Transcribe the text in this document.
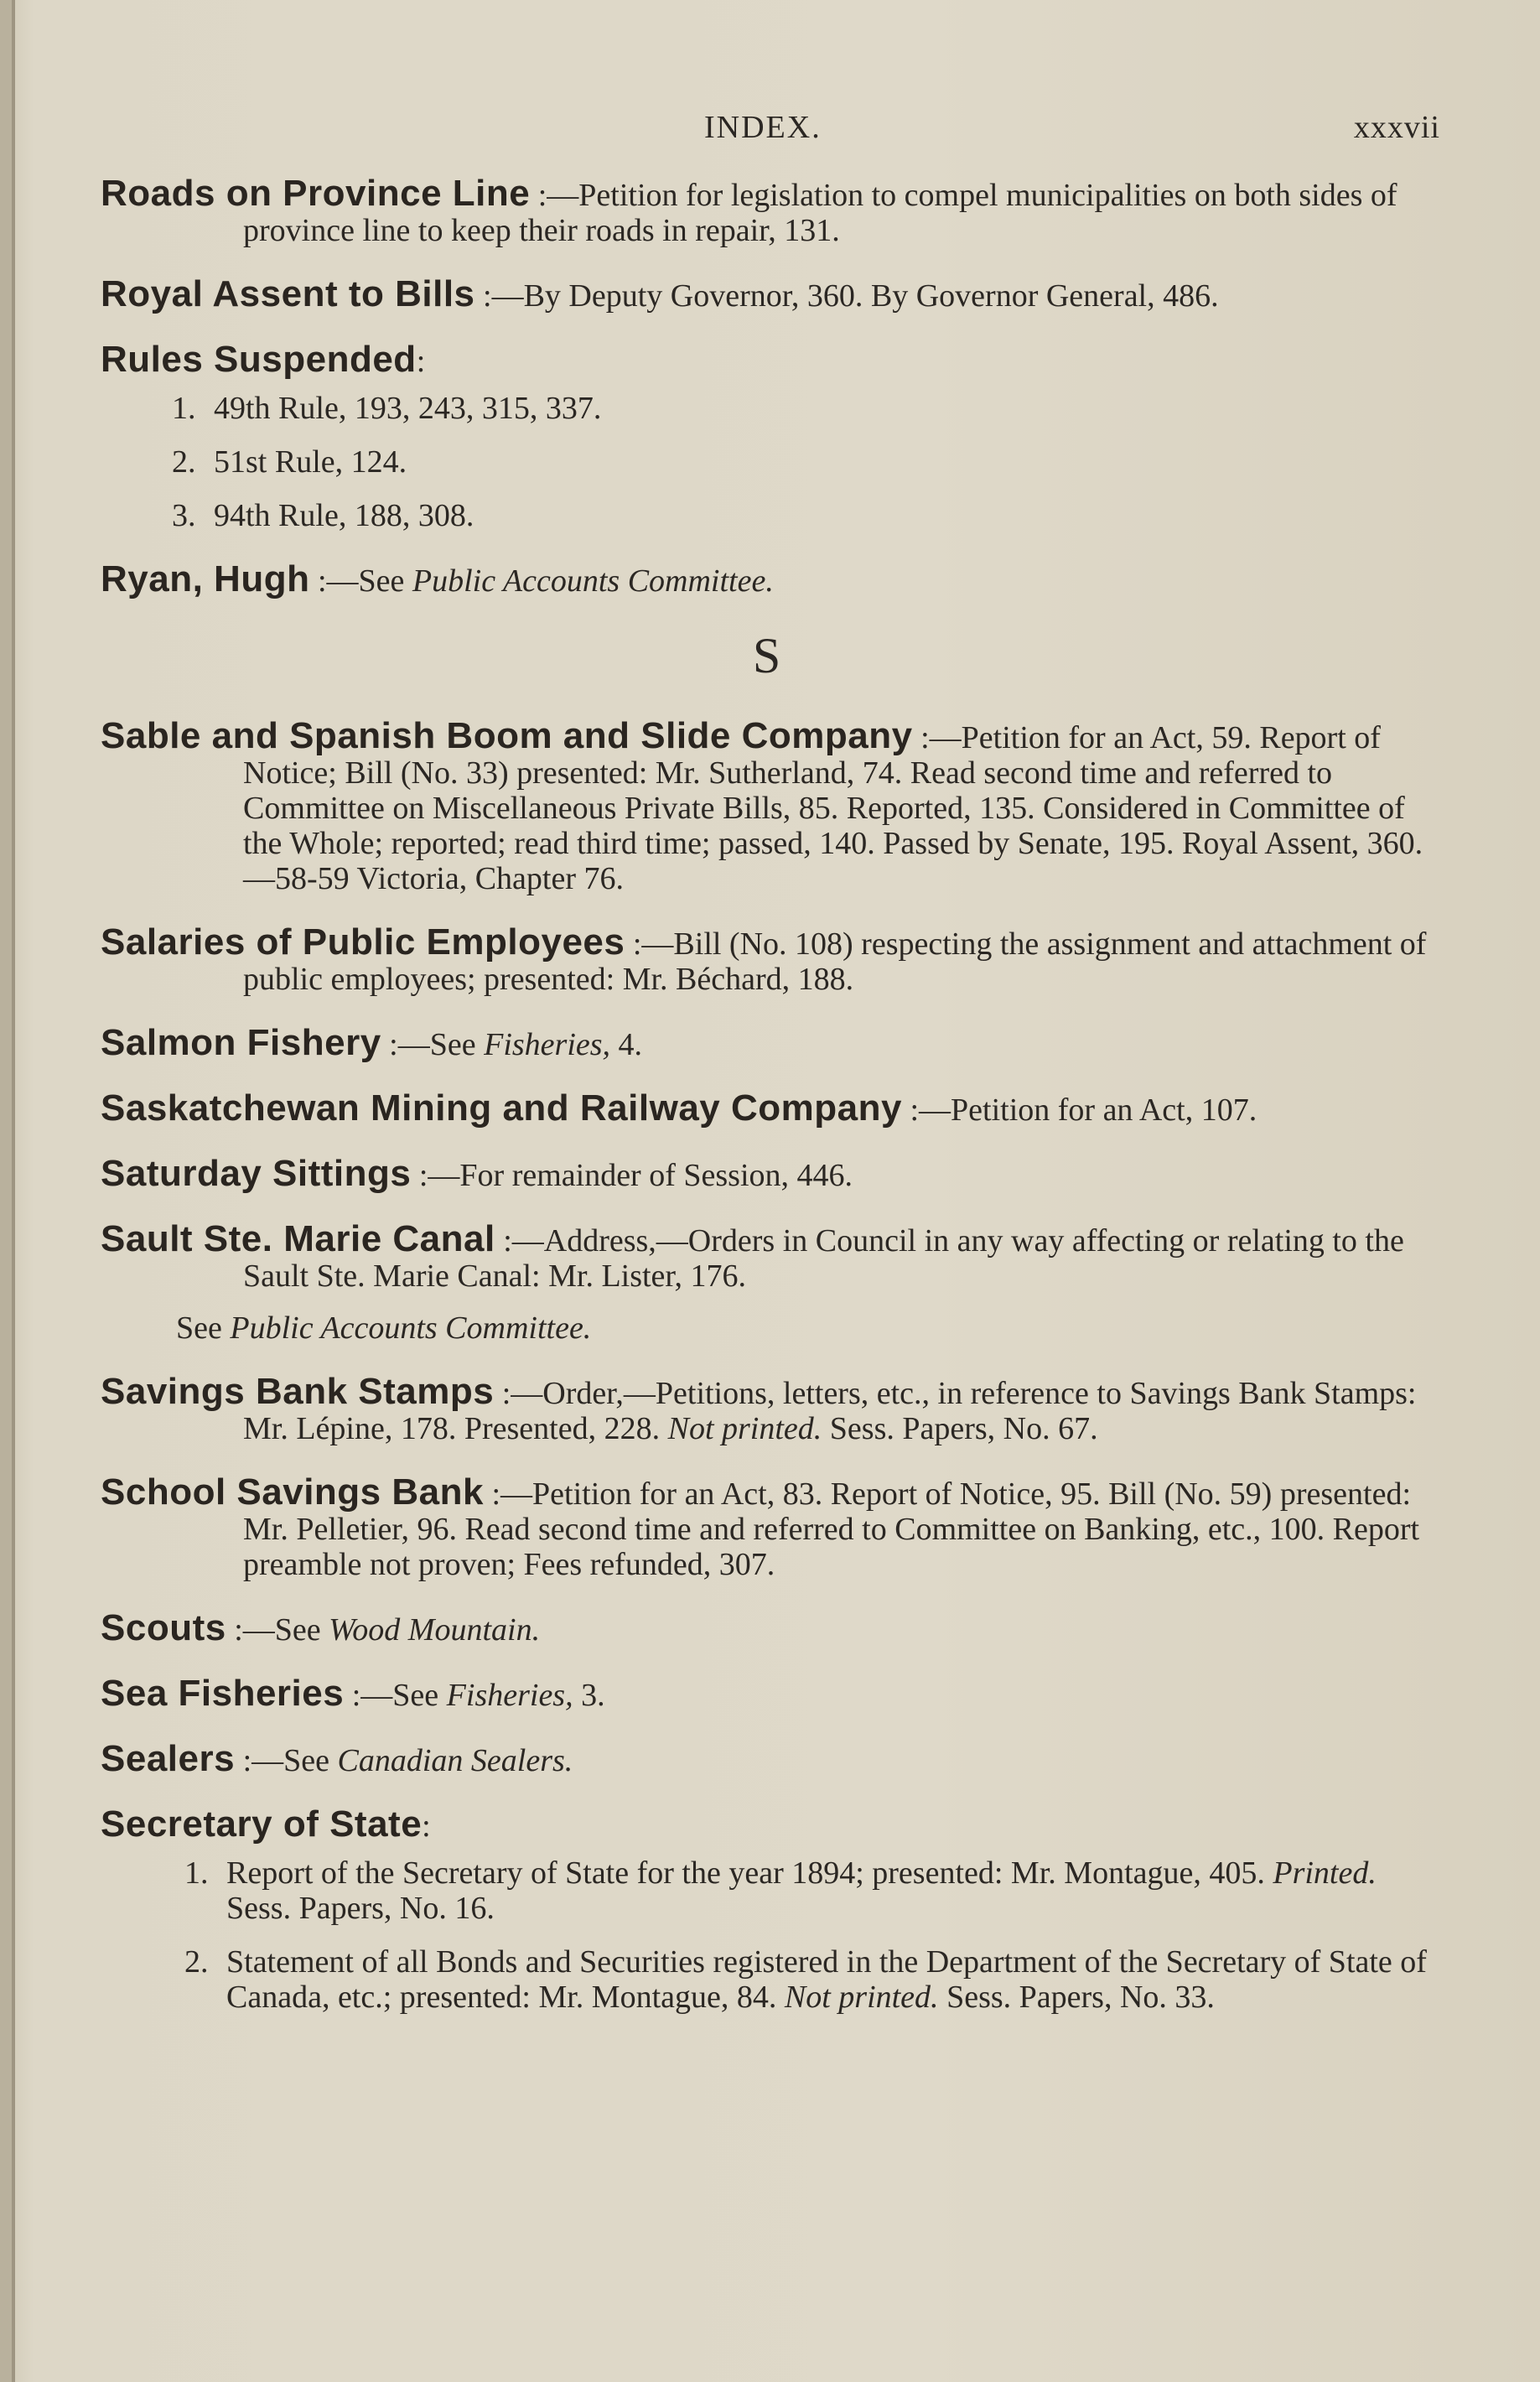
INDEX.	xxxvii
Roads on Province Line :—Petition for legislation to compel municipalities on both sides of province line to keep their roads in repair, 131.
Royal Assent to Bills :—By Deputy Governor, 360. By Governor General, 486.
Rules Suspended:
1. 49th Rule, 193, 243, 315, 337.
2. 51st Rule, 124.
3. 94th Rule, 188, 308.
Ryan, Hugh :—See Public Accounts Committee.
S
Sable and Spanish Boom and Slide Company :—Petition for an Act, 59. Report of Notice; Bill (No. 33) presented: Mr. Sutherland, 74. Read second time and referred to Committee on Miscellaneous Private Bills, 85. Reported, 135. Considered in Committee of the Whole; reported; read third time; passed, 140. Passed by Senate, 195. Royal Assent, 360.—58-59 Victoria, Chapter 76.
Salaries of Public Employees :—Bill (No. 108) respecting the assignment and attachment of public employees; presented: Mr. Béchard, 188.
Salmon Fishery :—See Fisheries, 4.
Saskatchewan Mining and Railway Company :—Petition for an Act, 107.
Saturday Sittings :—For remainder of Session, 446.
Sault Ste. Marie Canal :—Address,—Orders in Council in any way affecting or relating to the Sault Ste. Marie Canal: Mr. Lister, 176.
See Public Accounts Committee.
Savings Bank Stamps :—Order,—Petitions, letters, etc., in reference to Savings Bank Stamps: Mr. Lépine, 178. Presented, 228. Not printed. Sess. Papers, No. 67.
School Savings Bank :—Petition for an Act, 83. Report of Notice, 95. Bill (No. 59) presented: Mr. Pelletier, 96. Read second time and referred to Committee on Banking, etc., 100. Report preamble not proven; Fees refunded, 307.
Scouts :—See Wood Mountain.
Sea Fisheries :—See Fisheries, 3.
Sealers :—See Canadian Sealers.
Secretary of State:
1. Report of the Secretary of State for the year 1894; presented: Mr. Montague, 405. Printed. Sess. Papers, No. 16.
2. Statement of all Bonds and Securities registered in the Department of the Secretary of State of Canada, etc.; presented: Mr. Montague, 84. Not printed. Sess. Papers, No. 33.
